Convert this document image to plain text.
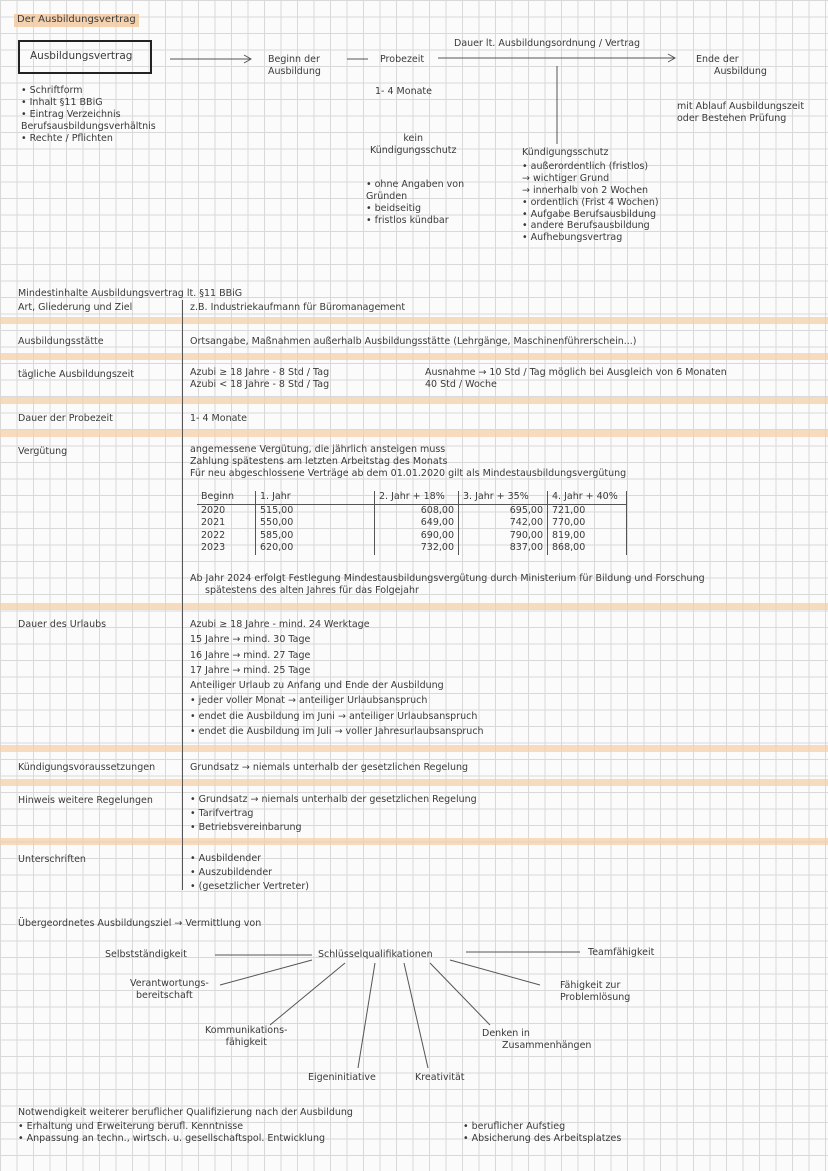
Der Ausbildungsvertrag
Ausbildungsvertrag	Beginn der
Ausbildung
Probezeit
1- 4 Monate
Dauer lt. Ausbildungsordnung / Vertrag
Ende der
Ausbildung
mit Ablauf Ausbildungszeit
oder Bestehen Prüfung
• Schriftform
• Inhalt §11 BBiG
• Eintrag Verzeichnis
Berufsausbildungsverhältnis
• Rechte / Pflichten	kein
Kündigungsschutz
• ohne Angaben von
Gründen
• beidseitig
• fristlos kündbar
Kündigungsschutz
• außerordentlich (fristlos)
→ wichtiger Grund
→ innerhalb von 2 Wochen
• ordentlich (Frist 4 Wochen)
• Aufgabe Berufsausbildung
• andere Berufsausbildung
• Aufhebungsvertrag
Mindestinhalte Ausbildungsvertrag lt. §11 BBiG
Art, Gliederung und Ziel	z.B. Industriekaufmann für Büromanagement
Ausbildungsstätte	Ortsangabe, Maßnahmen außerhalb Ausbildungsstätte (Lehrgänge, Maschinenführerschein...)
tägliche Ausbildungszeit	Azubi ≥ 18 Jahre - 8 Std / Tag
Azubi < 18 Jahre - 8 Std / Tag
Ausnahme → 10 Std / Tag möglich bei Ausgleich von 6 Monaten
40 Std / Woche
Dauer der Probezeit	1- 4 Monate
Vergütung	angemessene Vergütung, die jährlich ansteigen muss
Zahlung spätestens am letzten Arbeitstag des Monats
Für neu abgeschlossene Verträge ab dem 01.01.2020 gilt als Mindestausbildungsvergütung
Beginn	1. Jahr	2. Jahr + 18%	3. Jahr + 35%	4. Jahr + 40%
2020	515,00	608,00	695,00	721,00
2021	550,00	649,00	742,00	770,00
2022	585,00	690,00	790,00	819,00
2023	620,00	732,00	837,00	868,00
Ab Jahr 2024 erfolgt Festlegung Mindestausbildungsvergütung durch Ministerium für Bildung und Forschung
spätestens des alten Jahres für das Folgejahr
Dauer des Urlaubs	Azubi ≥ 18 Jahre - mind. 24 Werktage
15 Jahre → mind. 30 Tage
16 Jahre → mind. 27 Tage
17 Jahre → mind. 25 Tage
Anteiliger Urlaub zu Anfang und Ende der Ausbildung
• jeder voller Monat → anteiliger Urlaubsanspruch
• endet die Ausbildung im Juni → anteiliger Urlaubsanspruch
• endet die Ausbildung im Juli → voller Jahresurlaubsanspruch
Kündigungsvoraussetzungen	Grundsatz → niemals unterhalb der gesetzlichen Regelung
Hinweis weitere Regelungen	• Grundsatz → niemals unterhalb der gesetzlichen Regelung
• Tarifvertrag
• Betriebsvereinbarung
Unterschriften	• Ausbildender
• Auszubildender
• (gesetzlicher Vertreter)
Übergeordnetes Ausbildungsziel → Vermittlung von
Selbstständigkeit	Schlüsselqualifikationen	Teamfähigkeit
Verantwortungs-
bereitschaft
Fähigkeit zur
Problemlösung
Kommunikations-
fähigkeit
Denken in
Zusammenhängen
Eigeninitiative	Kreativität
Notwendigkeit weiterer beruflicher Qualifizierung nach der Ausbildung
• Erhaltung und Erweiterung berufl. Kenntnisse
• Anpassung an techn., wirtsch. u. gesellschaftspol. Entwicklung
• beruflicher Aufstieg
• Absicherung des Arbeitsplatzes
